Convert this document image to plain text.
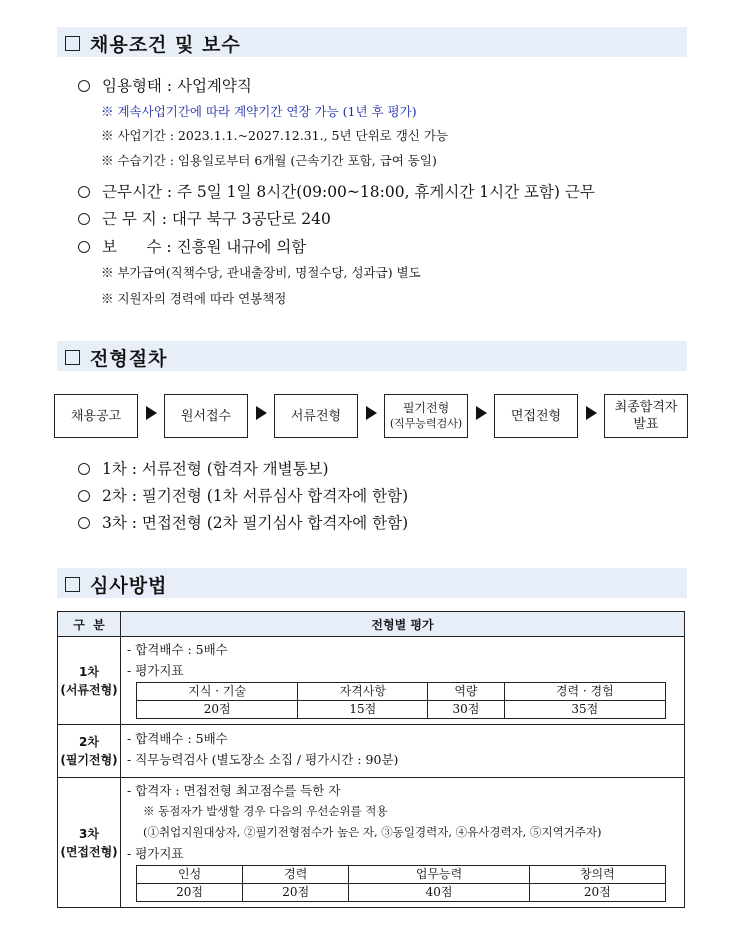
채용조건 및 보수
임용형태 : 사업계약직
※ 계속사업기간에 따라 계약기간 연장 가능 (1년 후 평가)
※ 사업기간 : 2023.1.1.~2027.12.31., 5년 단위로 갱신 가능
※ 수습기간 : 임용일로부터 6개월 (근속기간 포함, 급여 동일)
근무시간 : 주 5일 1일 8시간(09:00~18:00, 휴게시간 1시간 포함) 근무
근 무 지 : 대구 북구 3공단로 240
보      수 : 진흥원 내규에 의함
※ 부가급여(직책수당, 관내출장비, 명절수당, 성과급) 별도
※ 지원자의 경력에 따라 연봉책정
전형절차
채용공고	원서접수	서류전형
필기전형
(직무능력검사)	면접전형
최종합격자
발표
1차 : 서류전형 (합격자 개별통보)
2차 : 필기전형 (1차 서류심사 합격자에 한함)
3차 : 면접전형 (2차 필기심사 합격자에 한함)
심사방법
구  분	전형별 평가

1차
(서류전형)

- 합격배수 : 5배수
- 평가지표
지식 · 기술	자격사항	역량	경력 · 경험
20점	15점	30점	35점

2차
(필기전형)

- 합격배수 : 5배수
- 직무능력검사 (별도장소 소집 / 평가시간 : 90분)

3차
(면접전형)

- 합격자 : 면접전형 최고점수를 득한 자
※ 동점자가 발생할 경우 다음의 우선순위를 적용
(①취업지원대상자, ②필기전형점수가 높은 자, ③동일경력자, ④유사경력자, ⑤지역거주자)
- 평가지표
인성	경력	업무능력	창의력
20점	20점	40점	20점
